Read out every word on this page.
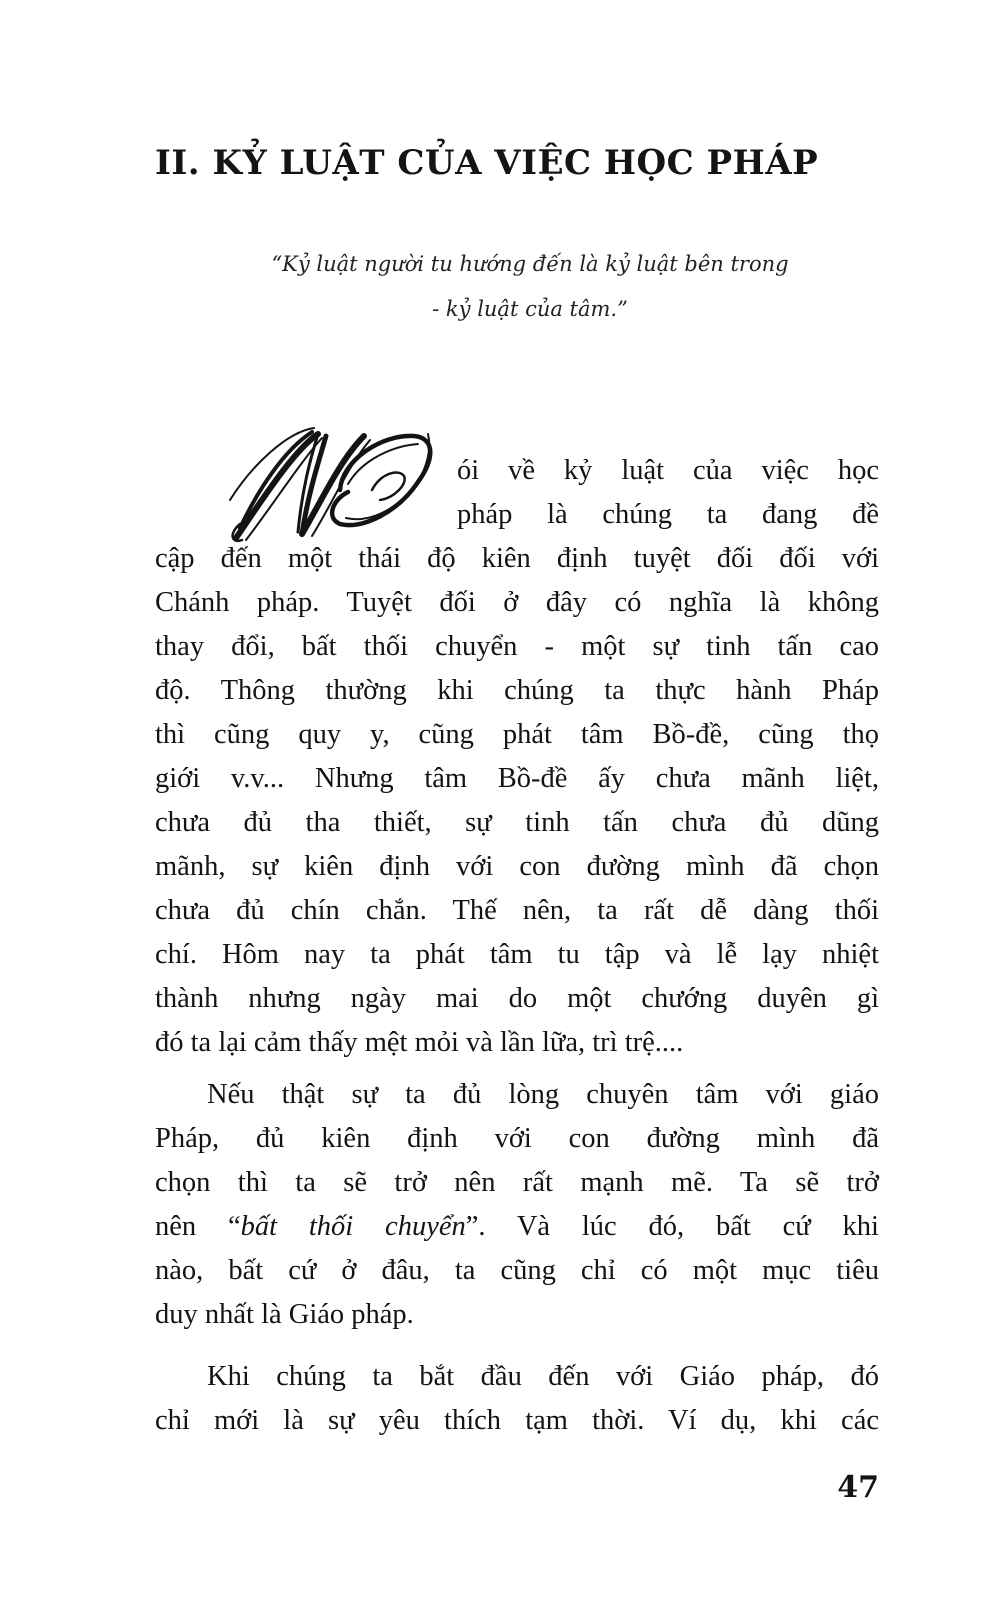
II. KỶ LUẬT CỦA VIỆC HỌC PHÁP
“Kỷ luật người tu hướng đến là kỷ luật bên trong
- kỷ luật của tâm.”
ói về kỷ luật của việc học
pháp là chúng ta đang đề
cập đến một thái độ kiên định tuyệt đối đối với
Chánh pháp. Tuyệt đối ở đây có nghĩa là không
thay đổi, bất thối chuyển - một sự tinh tấn cao
độ. Thông thường khi chúng ta thực hành Pháp
thì cũng quy y, cũng phát tâm Bồ-đề, cũng thọ
giới v.v... Nhưng tâm Bồ-đề ấy chưa mãnh liệt,
chưa đủ tha thiết, sự tinh tấn chưa đủ dũng
mãnh, sự kiên định với con đường mình đã chọn
chưa đủ chín chắn. Thế nên, ta rất dễ dàng thối
chí. Hôm nay ta phát tâm tu tập và lễ lạy nhiệt
thành nhưng ngày mai do một chướng duyên gì
đó ta lại cảm thấy mệt mỏi và lần lữa, trì trệ....
Nếu thật sự ta đủ lòng chuyên tâm với giáo
Pháp, đủ kiên định với con đường mình đã
chọn thì ta sẽ trở nên rất mạnh mẽ. Ta sẽ trở
nên “bất thối chuyển”. Và lúc đó, bất cứ khi
nào, bất cứ ở đâu, ta cũng chỉ có một mục tiêu
duy nhất là Giáo pháp.
Khi chúng ta bắt đầu đến với Giáo pháp, đó
chỉ mới là sự yêu thích tạm thời. Ví dụ, khi các
47
